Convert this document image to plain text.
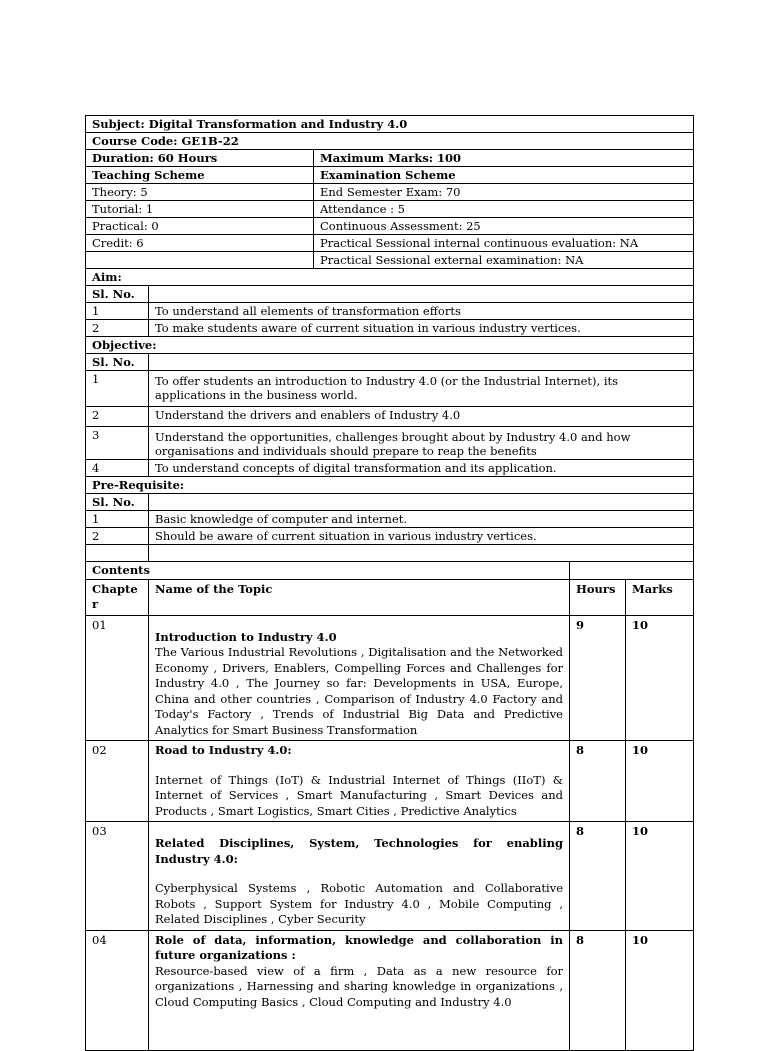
Subject: Digital Transformation and Industry 4.0		
Course Code: GE1B-22		
Duration: 60 Hours		Maximum Marks: 100
Teaching Scheme		Examination Scheme
Theory: 5		End Semester Exam: 70
Tutorial: 1		Attendance : 5
Practical: 0		Continuous Assessment: 25
Credit: 6		Practical Sessional internal continuous evaluation: NA
		Practical Sessional external examination: NA
Aim:		
Sl. No.		
1	To understand all elements of transformation efforts	
2	To make students aware of current situation in various industry vertices.	
Objective:		
Sl. No.		
1	To offer students an introduction to Industry 4.0 (or the Industrial Internet), its applications in the business world.	
2	Understand the drivers and enablers of Industry 4.0	
3	Understand the opportunities, challenges brought about by Industry 4.0 and how organisations and individuals should prepare to reap the benefits	
4	To understand concepts of digital transformation and its application.	
Pre-Requisite:		
Sl. No.		
1	Basic knowledge of computer and internet.	
2	Should be aware of current situation in various industry vertices.	

Contents			
Chapter	Name of the Topic	Hours	Marks
01	Introduction to Industry 4.0
The Various Industrial Revolutions , Digitalisation and the Networked Economy , Drivers, Enablers, Compelling Forces and Challenges for Industry 4.0 , The Journey so far: Developments in USA, Europe, China and other countries , Comparison of Industry 4.0 Factory and Today's Factory , Trends of Industrial Big Data and Predictive Analytics for Smart Business Transformation	9	10
02	Road to Industry 4.0:
Internet of Things (IoT) & Industrial Internet of Things (IIoT) & Internet of Services , Smart Manufacturing , Smart Devices and Products , Smart Logistics, Smart Cities , Predictive Analytics	8	10
03	Related Disciplines, System, Technologies for enabling Industry 4.0:
Cyberphysical Systems , Robotic Automation and Collaborative Robots , Support System for Industry 4.0 , Mobile Computing , Related Disciplines , Cyber Security	8	10
04	Role of data, information, knowledge and collaboration in future organizations :
Resource-based view of a firm , Data as a new resource for organizations , Harnessing and sharing knowledge in organizations , Cloud Computing Basics , Cloud Computing and Industry 4.0	8	10
